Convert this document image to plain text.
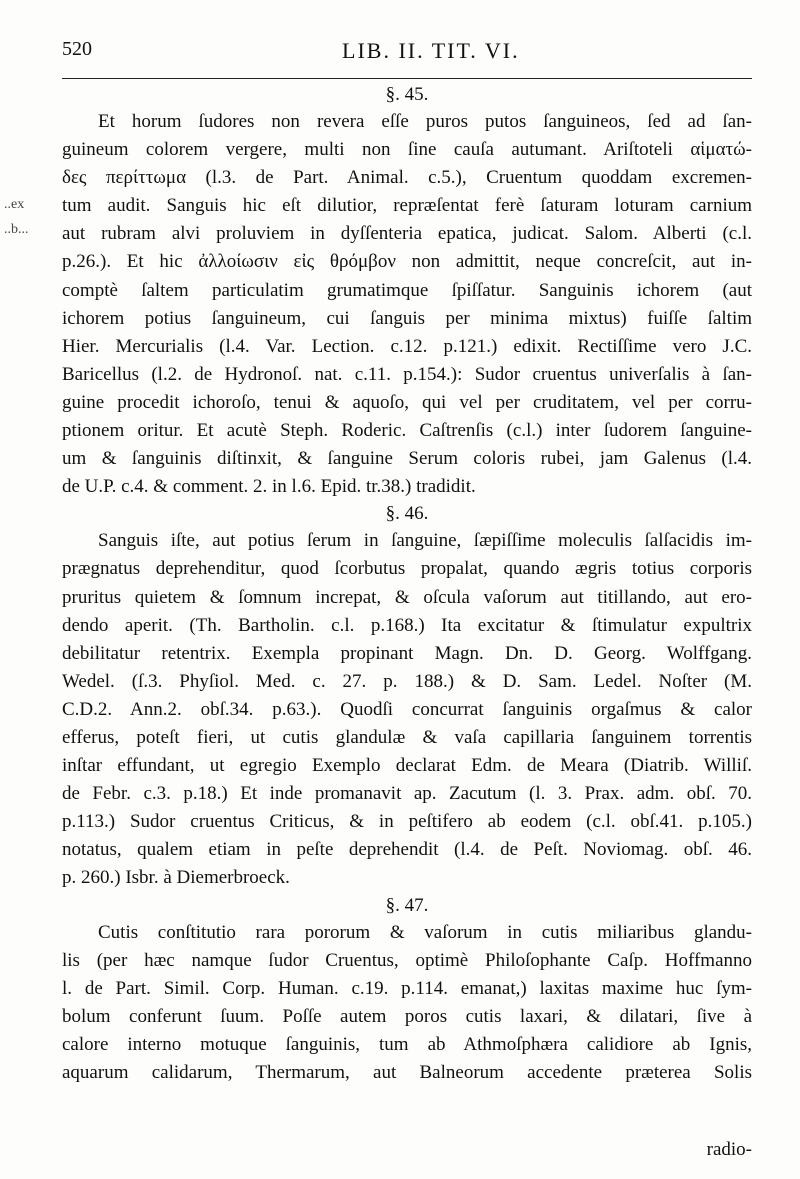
520	LIB. II. TIT. VI.
..ex
..b...

§. 45.

Et horum ſudores non revera eſſe puros putos ſanguineos, ſed ad ſan-
guineum colorem vergere, multi non ſine cauſa autumant. Ariſtoteli αἱματώ-
δες περίττωμα (l.3. de Part. Animal. c.5.), Cruentum quoddam excremen-
tum audit. Sanguis hic eſt dilutior, repræſentat ferè ſaturam loturam carnium
aut rubram alvi proluviem in dyſſenteria epatica, judicat. Salom. Alberti (c.l.
p.26.). Et hic ἀλλοίωσιν εἰς θρόμβον non admittit, neque concreſcit, aut in-
comptè ſaltem particulatim grumatimque ſpiſſatur. Sanguinis ichorem (aut
ichorem potius ſanguineum, cui ſanguis per minima mixtus) fuiſſe ſaltim
Hier. Mercurialis (l.4. Var. Lection. c.12. p.121.) edixit. Rectiſſime vero J.C.
Baricellus (l.2. de Hydronoſ. nat. c.11. p.154.): Sudor cruentus univerſalis à ſan-
guine procedit ichoroſo, tenui & aquoſo, qui vel per cruditatem, vel per corru-
ptionem oritur. Et acutè Steph. Roderic. Caſtrenſis (c.l.) inter ſudorem ſanguine-
um & ſanguinis diſtinxit, & ſanguine Serum coloris rubei, jam Galenus (l.4.
de U.P. c.4. & comment. 2. in l.6. Epid. tr.38.) tradidit.

§. 46.

Sanguis iſte, aut potius ſerum in ſanguine, ſæpiſſime moleculis ſalſacidis im-
prægnatus deprehenditur, quod ſcorbutus propalat, quando ægris totius corporis
pruritus quietem & ſomnum increpat, & oſcula vaſorum aut titillando, aut ero-
dendo aperit. (Th. Bartholin. c.l. p.168.) Ita excitatur & ſtimulatur expultrix
debilitatur retentrix. Exempla propinant Magn. Dn. D. Georg. Wolffgang.
Wedel. (ſ.3. Phyſiol. Med. c. 27. p. 188.) & D. Sam. Ledel. Noſter (M.
C.D.2. Ann.2. obſ.34. p.63.). Quodſi concurrat ſanguinis orgaſmus & calor
efferus, poteſt fieri, ut cutis glandulæ & vaſa capillaria ſanguinem torrentis
inſtar effundant, ut egregio Exemplo declarat Edm. de Meara (Diatrib. Williſ.
de Febr. c.3. p.18.) Et inde promanavit ap. Zacutum (l. 3. Prax. adm. obſ. 70.
p.113.) Sudor cruentus Criticus, & in peſtifero ab eodem (c.l. obſ.41. p.105.)
notatus, qualem etiam in peſte deprehendit (l.4. de Peſt. Noviomag. obſ. 46.
p. 260.) Isbr. à Diemerbroeck.

§. 47.

Cutis conſtitutio rara pororum & vaſorum in cutis miliaribus glandu-
lis (per hæc namque ſudor Cruentus, optimè Philoſophante Caſp. Hoffmanno
l. de Part. Simil. Corp. Human. c.19. p.114. emanat,) laxitas maxime huc ſym-
bolum conferunt ſuum. Poſſe autem poros cutis laxari, & dilatari, ſive à
calore interno motuque ſanguinis, tum ab Athmoſphæra calidiore ab Ignis,
aquarum calidarum, Thermarum, aut Balneorum accedente præterea Solis
radio-
